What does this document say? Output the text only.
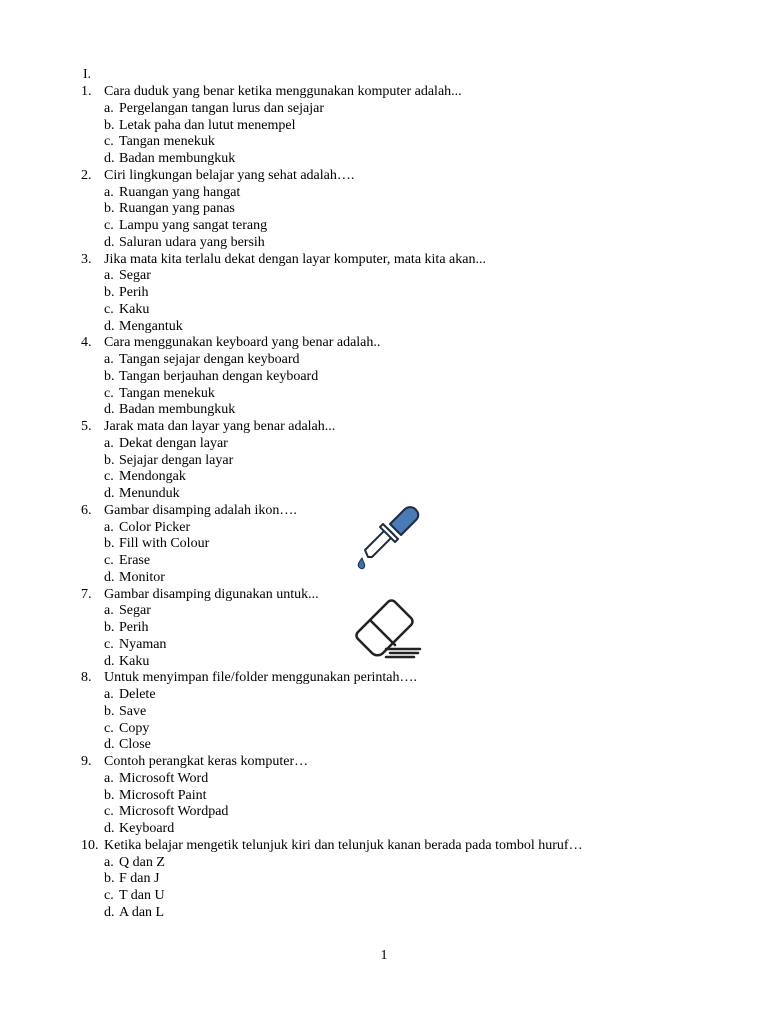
I.
1. Cara duduk yang benar ketika menggunakan komputer adalah...
a. Pergelangan tangan lurus dan sejajar
b. Letak paha dan lutut menempel
c. Tangan menekuk
d. Badan membungkuk
2. Ciri lingkungan belajar yang sehat adalah….
a. Ruangan yang hangat
b. Ruangan yang panas
c. Lampu yang sangat terang
d. Saluran udara yang bersih
3. Jika mata kita terlalu dekat dengan layar komputer, mata kita akan...
a. Segar
b. Perih
c. Kaku
d. Mengantuk
4. Cara menggunakan keyboard yang benar adalah..
a. Tangan sejajar dengan keyboard
b. Tangan berjauhan dengan keyboard
c. Tangan menekuk
d. Badan membungkuk
5. Jarak mata dan layar yang benar adalah...
a. Dekat dengan layar
b. Sejajar dengan layar
c. Mendongak
d. Menunduk
6. Gambar disamping adalah ikon….
a. Color Picker
b. Fill with Colour
c. Erase
d. Monitor
7. Gambar disamping digunakan untuk...
a. Segar
b. Perih
c. Nyaman
d. Kaku
8. Untuk menyimpan file/folder menggunakan perintah….
a. Delete
b. Save
c. Copy
d. Close
9. Contoh perangkat keras komputer…
a. Microsoft Word
b. Microsoft Paint
c. Microsoft Wordpad
d. Keyboard
10. Ketika belajar mengetik telunjuk kiri dan telunjuk kanan berada pada tombol huruf…
a. Q dan Z
b. F dan J
c. T dan U
d. A dan L
1
